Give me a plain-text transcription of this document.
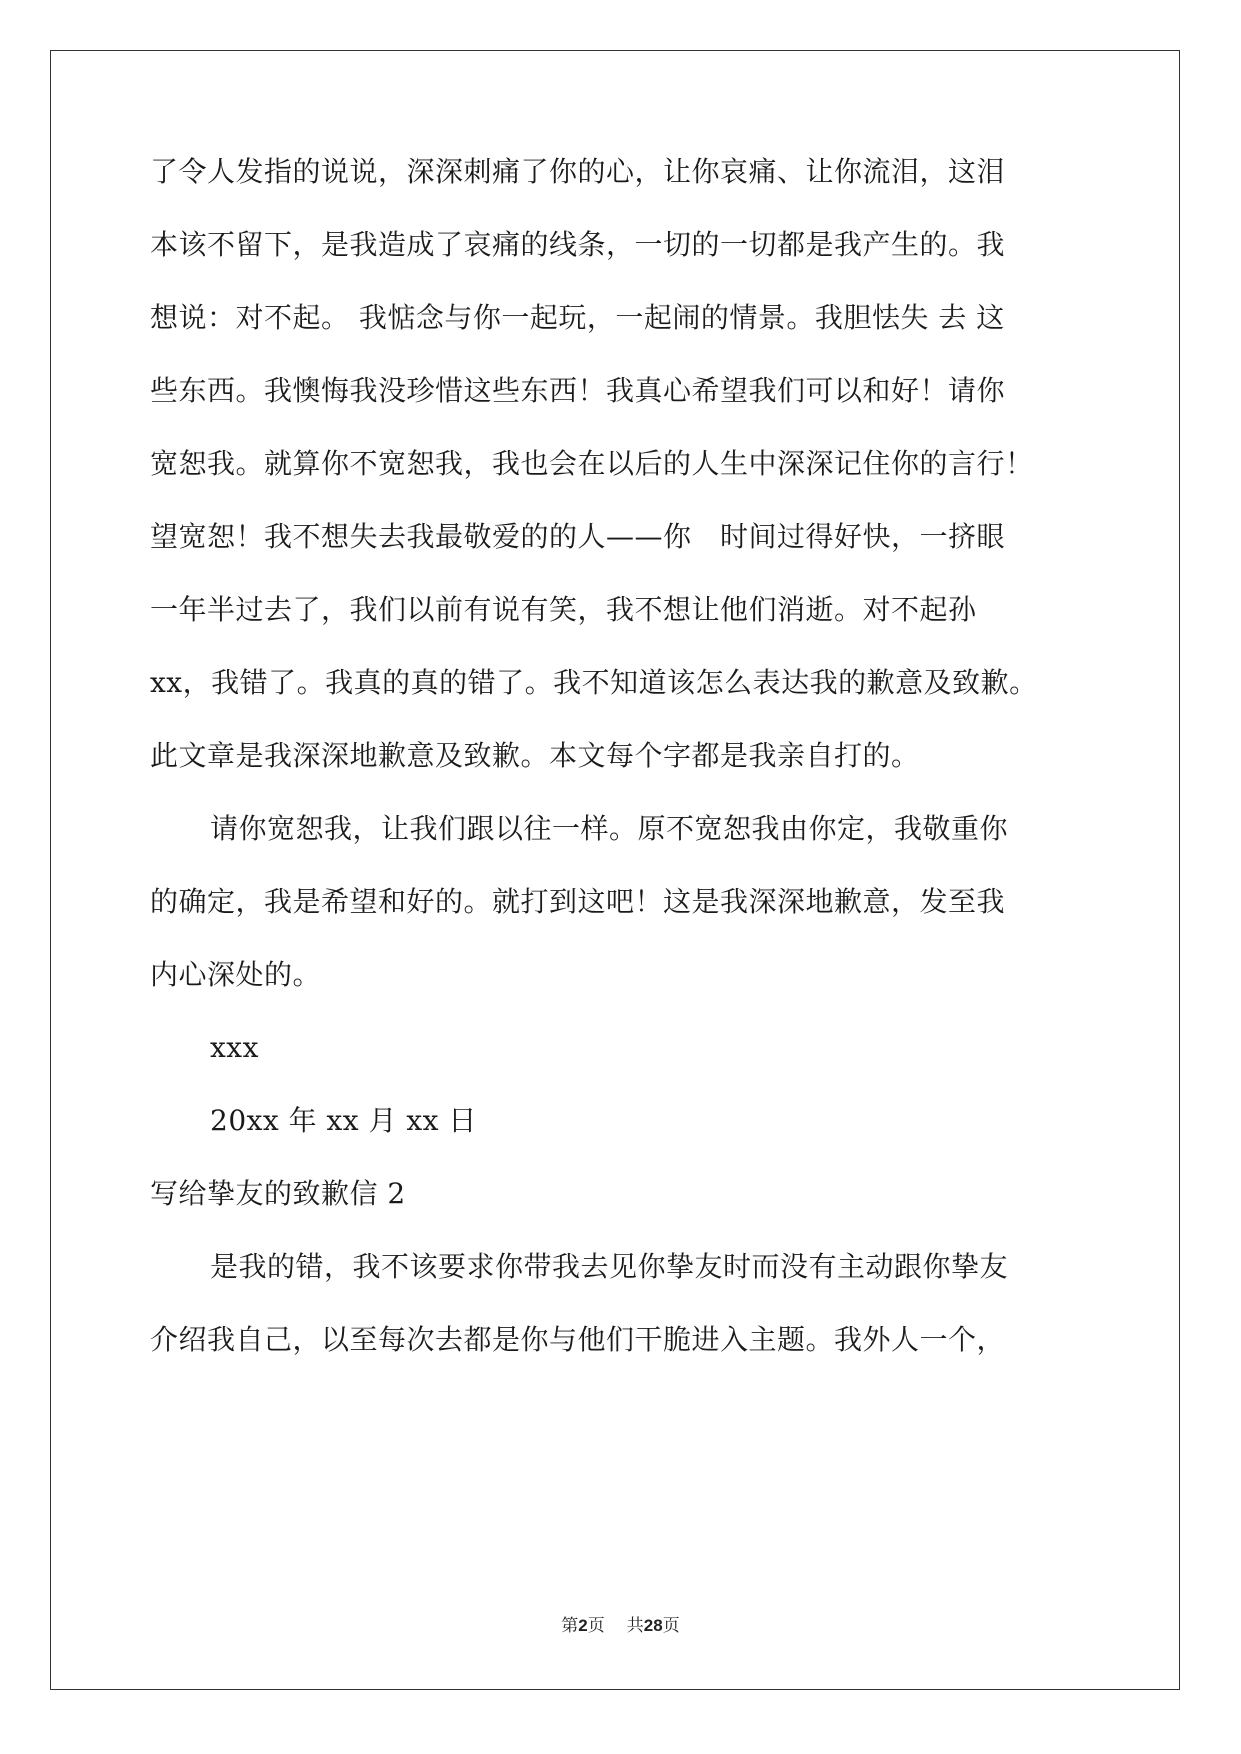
了令人发指的说说，深深刺痛了你的心，让你哀痛、让你流泪，这泪
本该不留下，是我造成了哀痛的线条，一切的一切都是我产生的。我
想说：对不起。 我惦念与你一起玩，一起闹的情景。我胆怯失 去 这
些东西。我懊悔我没珍惜这些东西！我真心希望我们可以和好！请你
宽恕我。就算你不宽恕我，我也会在以后的人生中深深记住你的言行！
望宽恕！我不想失去我最敬爱的的人——你　时间过得好快，一挤眼
一年半过去了，我们以前有说有笑，我不想让他们消逝。对不起孙
xx，我错了。我真的真的错了。我不知道该怎么表达我的歉意及致歉。
此文章是我深深地歉意及致歉。本文每个字都是我亲自打的。
请你宽恕我，让我们跟以往一样。原不宽恕我由你定，我敬重你
的确定，我是希望和好的。就打到这吧！这是我深深地歉意，发至我
内心深处的。
xxx
20xx 年 xx 月 xx 日
写给挚友的致歉信 2
是我的错，我不该要求你带我去见你挚友时而没有主动跟你挚友
介绍我自己，以至每次去都是你与他们干脆进入主题。我外人一个，
第2页 共28页
